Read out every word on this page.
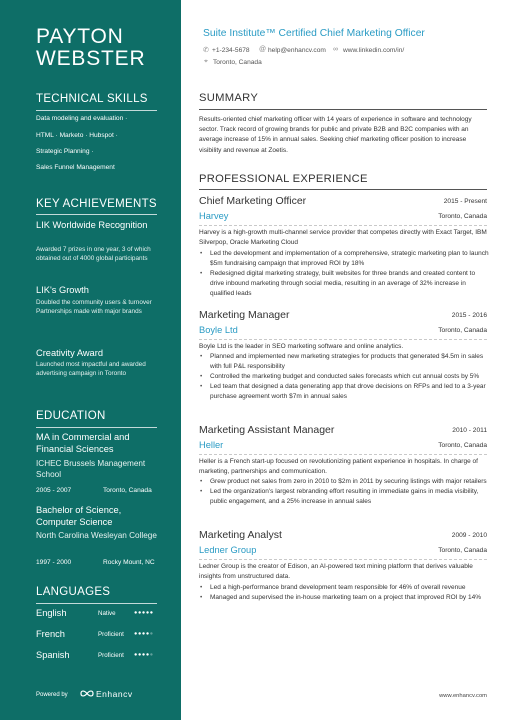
PAYTON
WEBSTER
TECHNICAL SKILLS
Data modeling and evaluation ·
HTML · Marketo · Hubspot ·
Strategic Planning ·
Sales Funnel Management
KEY ACHIEVEMENTS
LIK Worldwide Recognition
Awarded 7 prizes in one year, 3 of which obtained out of 4000 global participants
LIK's Growth
Doubled the community users & turnover Partnerships made with major brands
Creativity Award
Launched most impactful and awarded advertising campaign in Toronto
EDUCATION
MA in Commercial and Financial Sciences
ICHEC Brussels Management School
2005 - 2007	Toronto, Canada
Bachelor of Science, Computer Science
North Carolina Wesleyan College
1997 - 2000	Rocky Mount, NC
LANGUAGES
English	Native	●●●●●
French	Proficient ●●●●●
Spanish	Proficient ●●●●●
Powered by	Enhancv
Suite Institute™ Certified Chief Marketing Officer
✆ +1-234-5678 @ help@enhancv.com ∞ www.linkedin.com/in/
⌖ Toronto, Canada
SUMMARY
Results-oriented chief marketing officer with 14 years of experience in software and technology sector. Track record of growing brands for public and private B2B and B2C companies with an average increase of 15% in annual sales. Seeking chief marketing officer position to increase visibility and revenue at Zoetis.
PROFESSIONAL EXPERIENCE
Chief Marketing Officer	2015 - Present
Harvey	Toronto, Canada
Harvey is a high-growth multi-channel service provider that competes directly with Exact Target, IBM Silverpop, Oracle Marketing Cloud
• Led the development and implementation of a comprehensive, strategic marketing plan to launch $5m fundraising campaign that improved ROI by 18%
• Redesigned digital marketing strategy, built websites for three brands and created content to drive inbound marketing through social media, resulting in an average of 32% increase in qualified leads
Marketing Manager	2015 - 2016
Boyle Ltd	Toronto, Canada
Boyle Ltd is the leader in SEO marketing software and online analytics.
• Planned and implemented new marketing strategies for products that generated $4.5m in sales with full P&L responsibility
• Controlled the marketing budget and conducted sales forecasts which cut annual costs by 5%
• Led team that designed a data generating app that drove decisions on RFPs and led to a 3-year purchase agreement worth $7m in annual sales
Marketing Assistant Manager	2010 - 2011
Heller	Toronto, Canada
Heller is a French start-up focused on revolutionizing patient experience in hospitals. In charge of marketing, partnerships and communication.
• Grew product net sales from zero in 2010 to $2m in 2011 by securing listings with major retailers
• Led the organization's largest rebranding effort resulting in immediate gains in media visibility, public engagement, and a 25% increase in annual sales
Marketing Analyst	2009 - 2010
Ledner Group	Toronto, Canada
Ledner Group is the creator of Edison, an AI-powered text mining platform that derives valuable insights from unstructured data.
• Led a high-performance brand development team responsible for 46% of overall revenue
• Managed and supervised the in-house marketing team on a project that improved ROI by 14%
www.enhancv.com
